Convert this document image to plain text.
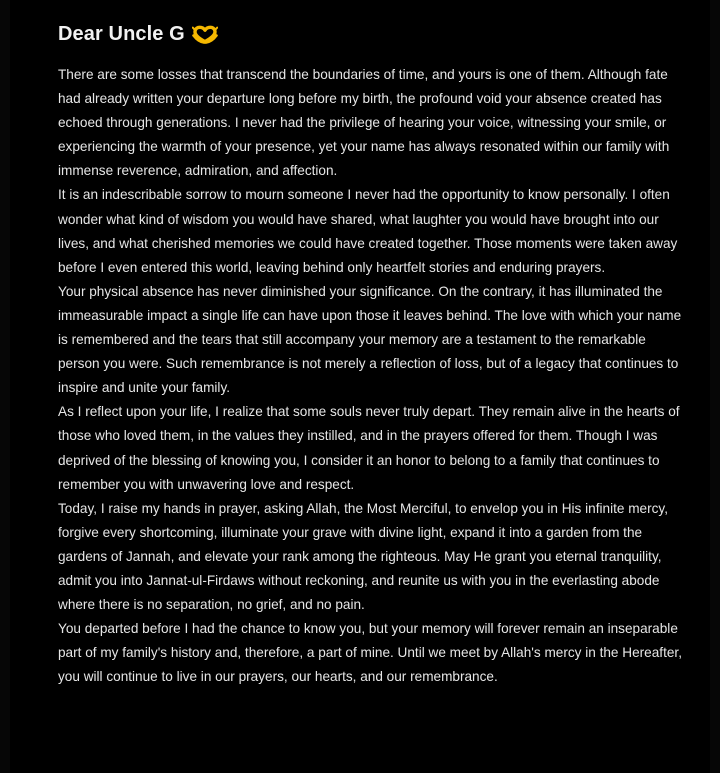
Dear Uncle G

There are some losses that transcend the boundaries of time, and yours is one of them. Although fate had already written your departure long before my birth, the profound void your absence created has echoed through generations. I never had the privilege of hearing your voice, witnessing your smile, or experiencing the warmth of your presence, yet your name has always resonated within our family with immense reverence, admiration, and affection.

It is an indescribable sorrow to mourn someone I never had the opportunity to know personally. I often wonder what kind of wisdom you would have shared, what laughter you would have brought into our lives, and what cherished memories we could have created together. Those moments were taken away before I even entered this world, leaving behind only heartfelt stories and enduring prayers.

Your physical absence has never diminished your significance. On the contrary, it has illuminated the immeasurable impact a single life can have upon those it leaves behind. The love with which your name is remembered and the tears that still accompany your memory are a testament to the remarkable person you were. Such remembrance is not merely a reflection of loss, but of a legacy that continues to inspire and unite your family.

As I reflect upon your life, I realize that some souls never truly depart. They remain alive in the hearts of those who loved them, in the values they instilled, and in the prayers offered for them. Though I was deprived of the blessing of knowing you, I consider it an honor to belong to a family that continues to remember you with unwavering love and respect.

Today, I raise my hands in prayer, asking Allah, the Most Merciful, to envelop you in His infinite mercy, forgive every shortcoming, illuminate your grave with divine light, expand it into a garden from the gardens of Jannah, and elevate your rank among the righteous. May He grant you eternal tranquility, admit you into Jannat-ul-Firdaws without reckoning, and reunite us with you in the everlasting abode where there is no separation, no grief, and no pain.

You departed before I had the chance to know you, but your memory will forever remain an inseparable part of my family's history and, therefore, a part of mine. Until we meet by Allah's mercy in the Hereafter, you will continue to live in our prayers, our hearts, and our remembrance.
